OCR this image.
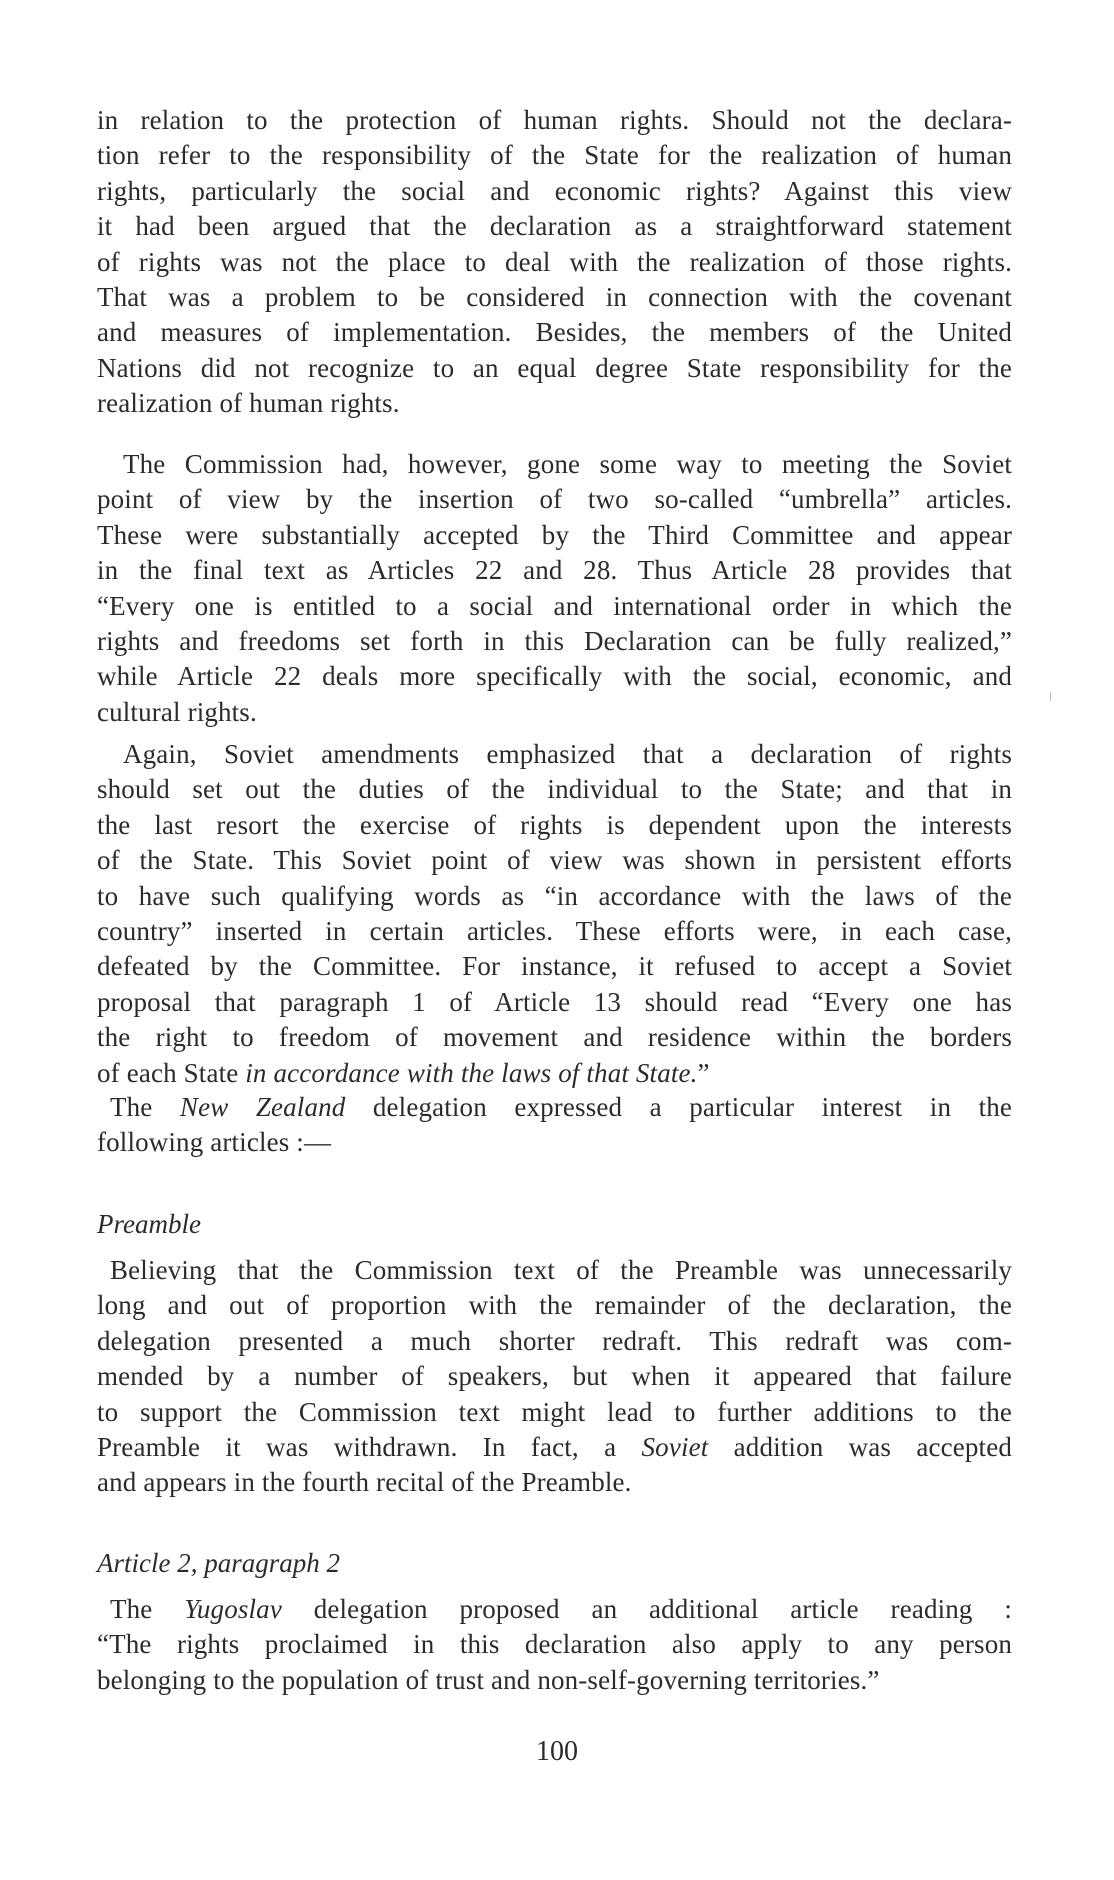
in relation to the protection of human rights. Should not the declara-
tion refer to the responsibility of the State for the realization of human
rights, particularly the social and economic rights? Against this view
it had been argued that the declaration as a straightforward statement
of rights was not the place to deal with the realization of those rights.
That was a problem to be considered in connection with the covenant
and measures of implementation. Besides, the members of the United
Nations did not recognize to an equal degree State responsibility for the
realization of human rights.
The Commission had, however, gone some way to meeting the Soviet
point of view by the insertion of two so-called “umbrella” articles.
These were substantially accepted by the Third Committee and appear
in the final text as Articles 22 and 28. Thus Article 28 provides that
“Every one is entitled to a social and international order in which the
rights and freedoms set forth in this Declaration can be fully realized,”
while Article 22 deals more specifically with the social, economic, and
cultural rights.
Again, Soviet amendments emphasized that a declaration of rights
should set out the duties of the individual to the State; and that in
the last resort the exercise of rights is dependent upon the interests
of the State. This Soviet point of view was shown in persistent efforts
to have such qualifying words as “in accordance with the laws of the
country” inserted in certain articles. These efforts were, in each case,
defeated by the Committee. For instance, it refused to accept a Soviet
proposal that paragraph 1 of Article 13 should read “Every one has
the right to freedom of movement and residence within the borders
of each State in accordance with the laws of that State.”
The New Zealand delegation expressed a particular interest in the
following articles :—
Preamble
Believing that the Commission text of the Preamble was unnecessarily
long and out of proportion with the remainder of the declaration, the
delegation presented a much shorter redraft. This redraft was com-
mended by a number of speakers, but when it appeared that failure
to support the Commission text might lead to further additions to the
Preamble it was withdrawn. In fact, a Soviet addition was accepted
and appears in the fourth recital of the Preamble.
Article 2, paragraph 2
The Yugoslav delegation proposed an additional article reading :
“The rights proclaimed in this declaration also apply to any person
belonging to the population of trust and non-self-governing territories.”

100
